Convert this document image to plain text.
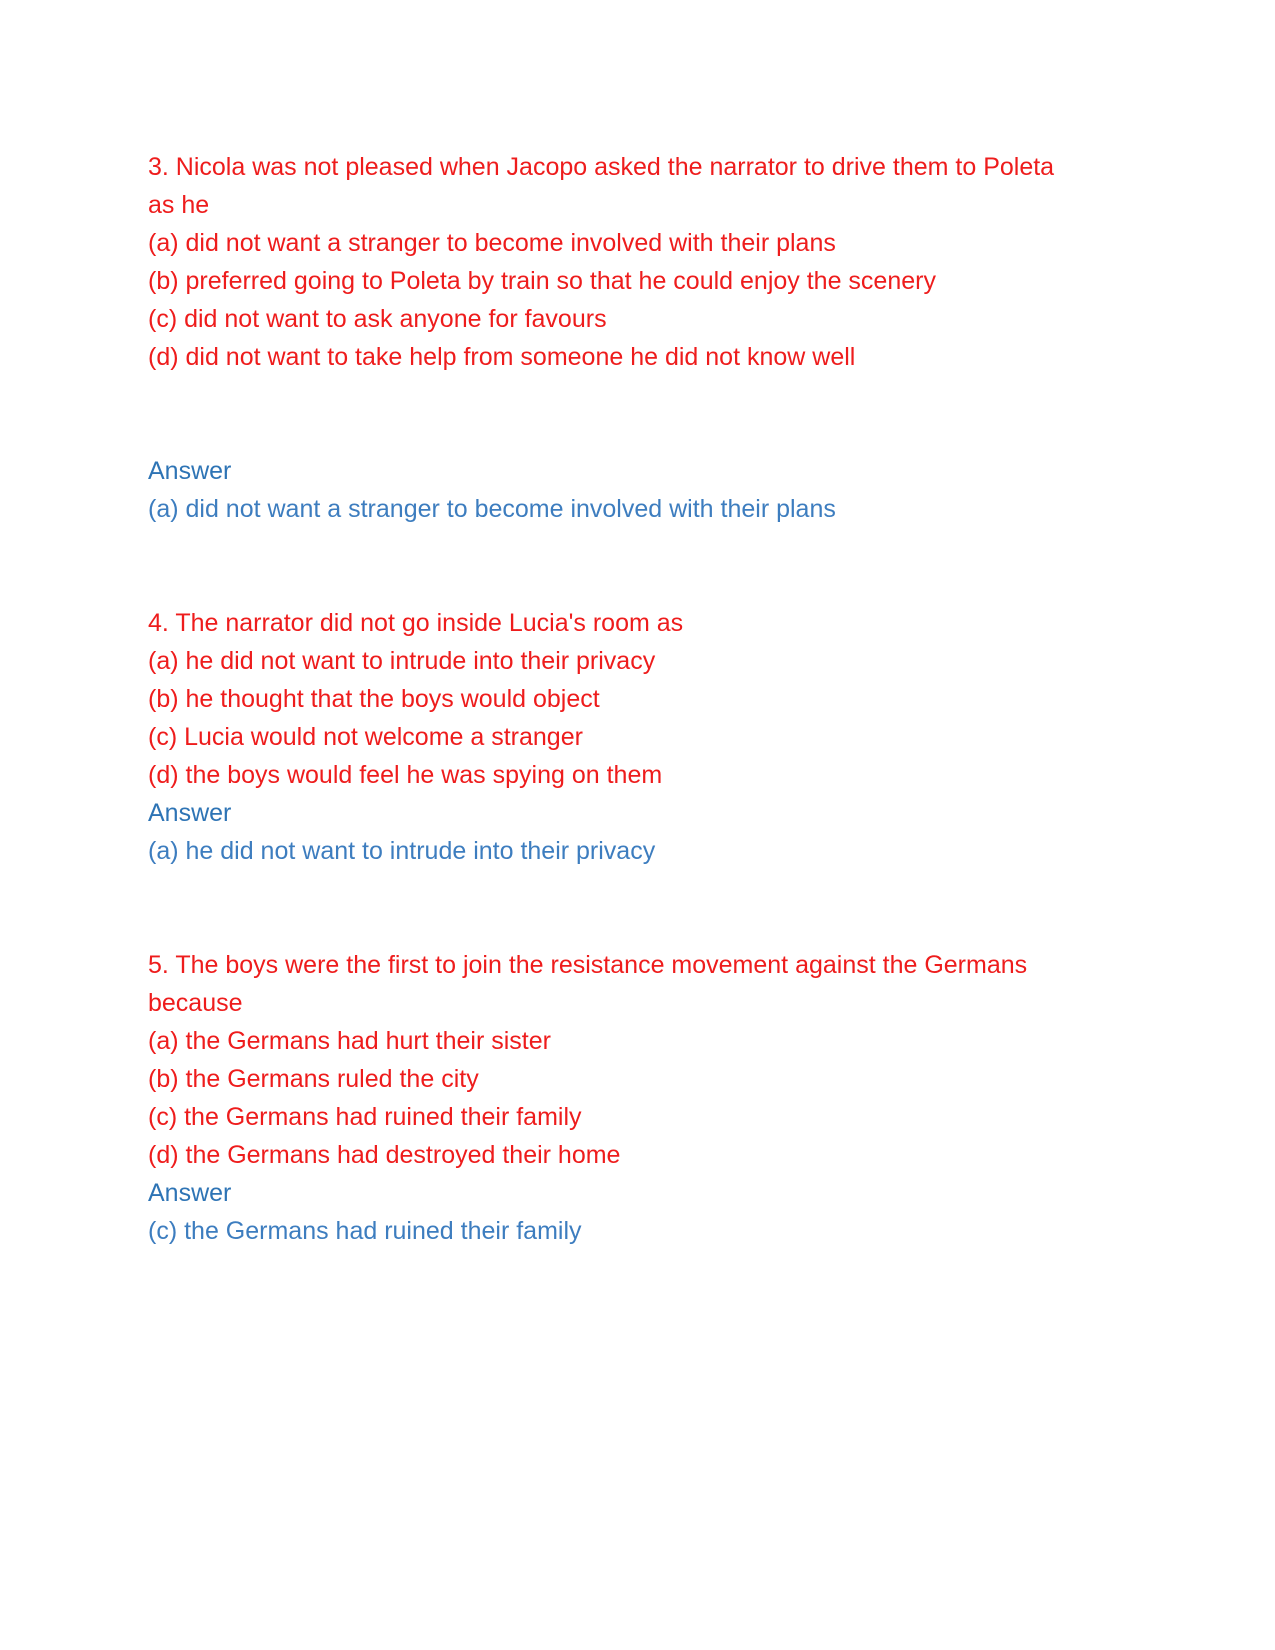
3. Nicola was not pleased when Jacopo asked the narrator to drive them to Poleta

as he

(a) did not want a stranger to become involved with their plans

(b) preferred going to Poleta by train so that he could enjoy the scenery

(c) did not want to ask anyone for favours

(d) did not want to take help from someone he did not know well

Answer

(a) did not want a stranger to become involved with their plans

4. The narrator did not go inside Lucia's room as

(a) he did not want to intrude into their privacy

(b) he thought that the boys would object

(c) Lucia would not welcome a stranger

(d) the boys would feel he was spying on them

Answer

(a) he did not want to intrude into their privacy

5. The boys were the first to join the resistance movement against the Germans

because

(a) the Germans had hurt their sister

(b) the Germans ruled the city

(c) the Germans had ruined their family

(d) the Germans had destroyed their home

Answer

(c) the Germans had ruined their family
